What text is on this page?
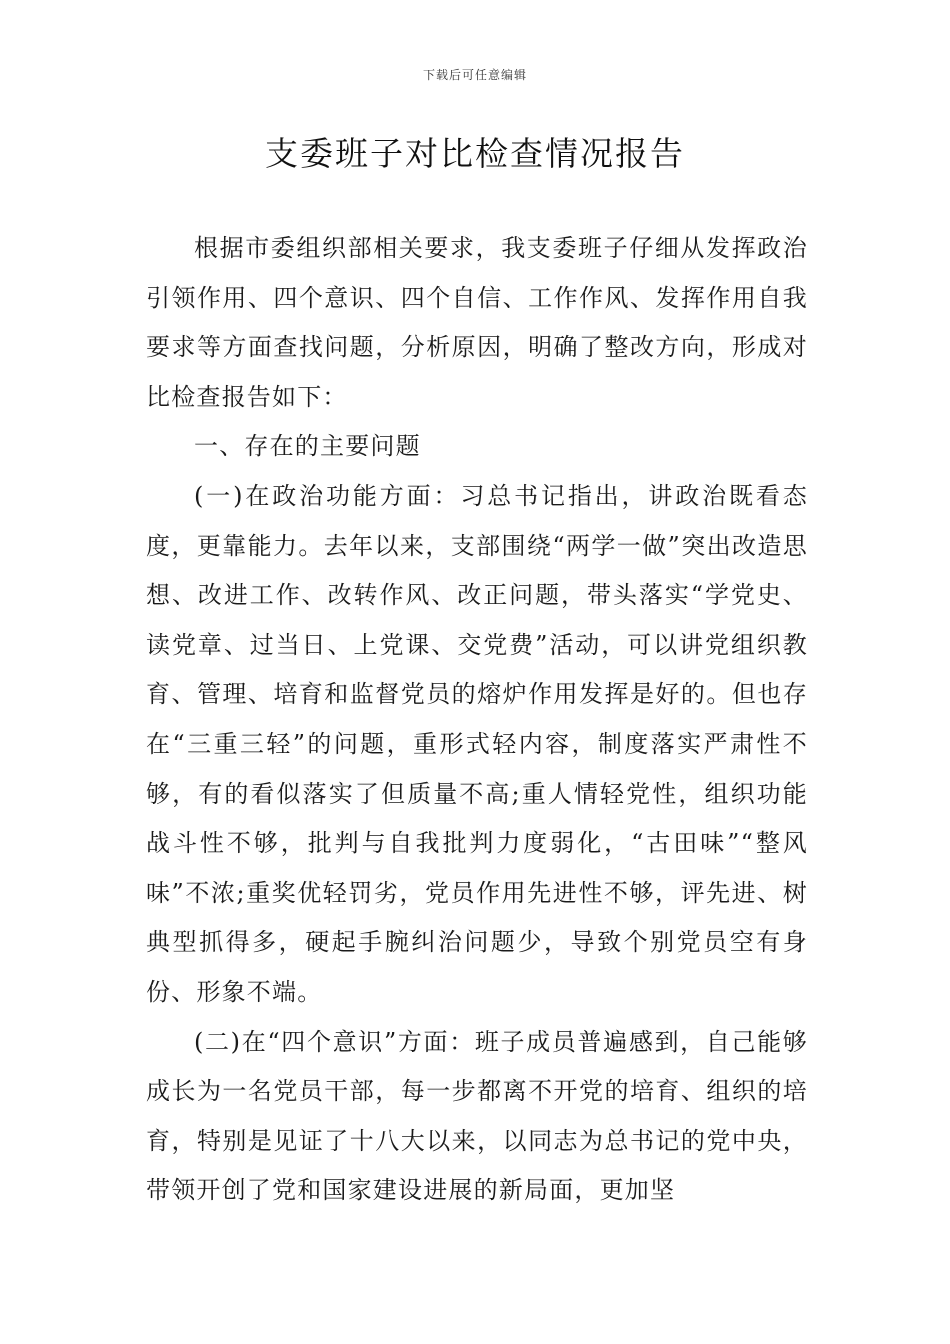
下载后可任意编辑
支委班子对比检查情况报告

根据市委组织部相关要求，我支委班子仔细从发挥政治引领作用、四个意识、四个自信、工作作风、发挥作用自我要求等方面查找问题，分析原因，明确了整改方向，形成对比检查报告如下：

一、存在的主要问题

(一)在政治功能方面：习总书记指出，讲政治既看态度，更靠能力。去年以来，支部围绕“两学一做”突出改造思想、改进工作、改转作风、改正问题，带头落实“学党史、读党章、过当日、上党课、交党费”活动，可以讲党组织教育、管理、培育和监督党员的熔炉作用发挥是好的。但也存在“三重三轻”的问题，重形式轻内容，制度落实严肃性不够，有的看似落实了但质量不高;重人情轻党性，组织功能战斗性不够，批判与自我批判力度弱化，“古田味”“整风味”不浓;重奖优轻罚劣，党员作用先进性不够，评先进、树典型抓得多，硬起手腕纠治问题少，导致个别党员空有身份、形象不端。

(二)在“四个意识”方面：班子成员普遍感到，自己能够成长为一名党员干部，每一步都离不开党的培育、组织的培育，特别是见证了十八大以来，以同志为总书记的党中央，带领开创了党和国家建设进展的新局面，更加坚
